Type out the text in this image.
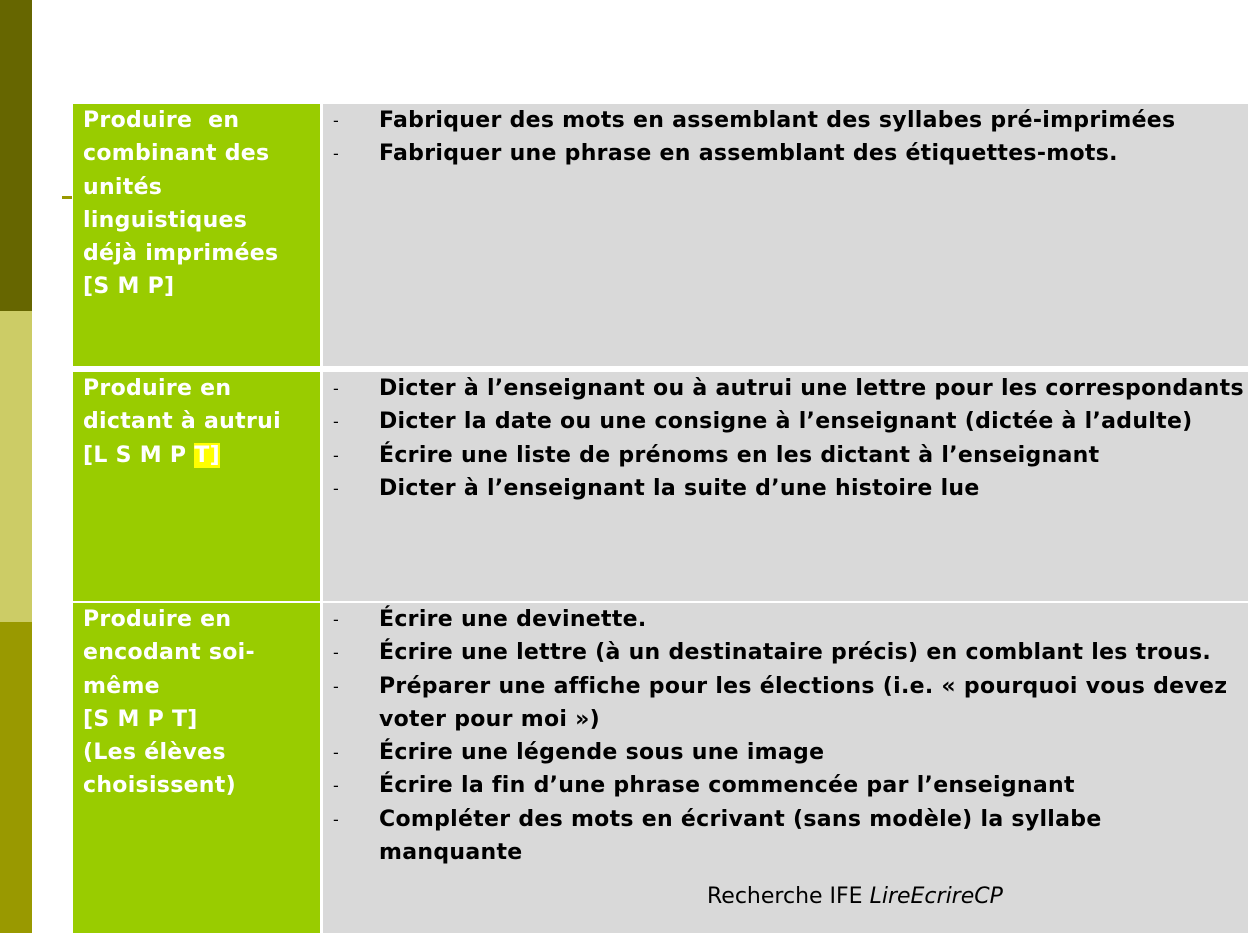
Produire  en
combinant des
unités
linguistiques
déjà imprimées
[S M P]
- Fabriquer des mots en assemblant des syllabes pré-imprimées
- Fabriquer une phrase en assemblant des étiquettes-mots.
Produire en
dictant à autrui
[L S M P T]
- Dicter à l’enseignant ou à autrui une lettre pour les correspondants
- Dicter la date ou une consigne à l’enseignant (dictée à l’adulte)
- Écrire une liste de prénoms en les dictant à l’enseignant
- Dicter à l’enseignant la suite d’une histoire lue
Produire en
encodant soi-
même
[S M P T]
(Les élèves
choisissent)
- Écrire une devinette.
- Écrire une lettre (à un destinataire précis) en comblant les trous.
- Préparer une affiche pour les élections (i.e. « pourquoi vous devez voter pour moi »)
- Écrire une légende sous une image
- Écrire la fin d’une phrase commencée par l’enseignant
- Compléter des mots en écrivant (sans modèle) la syllabe manquante
Recherche IFE LireEcrireCP
